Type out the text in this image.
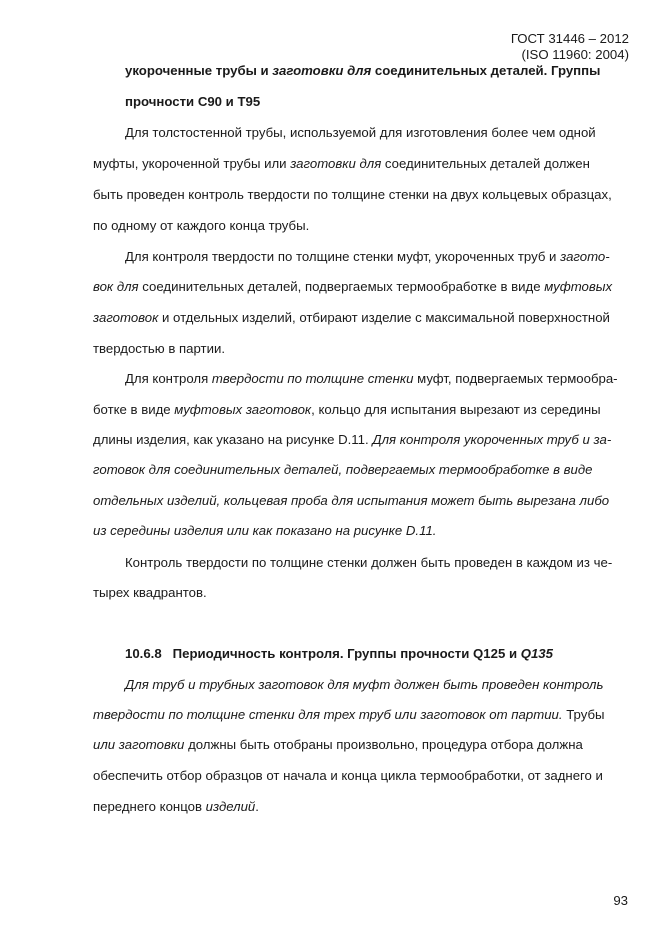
ГОСТ 31446 – 2012
(ISO 11960: 2004)
укороченные трубы и заготовки для соединительных деталей. Группы
прочности С90 и Т95
Для толстостенной трубы, используемой для изготовления более чем одной
муфты, укороченной трубы или заготовки для соединительных деталей должен
быть проведен контроль твердости по толщине стенки на двух кольцевых образцах,
по одному от каждого конца трубы.
Для контроля твердости по толщине стенки муфт, укороченных труб и загото-
вок для соединительных деталей, подвергаемых термообработке в виде муфтовых
заготовок и отдельных изделий, отбирают изделие с максимальной поверхностной
твердостью в партии.
Для контроля твердости по толщине стенки муфт, подвергаемых термообра-
ботке в виде муфтовых заготовок, кольцо для испытания вырезают из середины
длины изделия, как указано на рисунке D.11. Для контроля укороченных труб и за-
готовок для соединительных деталей, подвергаемых термообработке в виде
отдельных изделий, кольцевая проба для испытания может быть вырезана либо
из середины изделия или как показано на рисунке D.11.
Контроль твердости по толщине стенки должен быть проведен в каждом из че-
тырех квадрантов.
10.6.8 Периодичность контроля. Группы прочности Q125 и Q135
Для труб и трубных заготовок для муфт должен быть проведен контроль
твердости по толщине стенки для трех труб или заготовок от партии. Трубы
или заготовки должны быть отобраны произвольно, процедура отбора должна
обеспечить отбор образцов от начала и конца цикла термообработки, от заднего и
переднего концов изделий.
93
